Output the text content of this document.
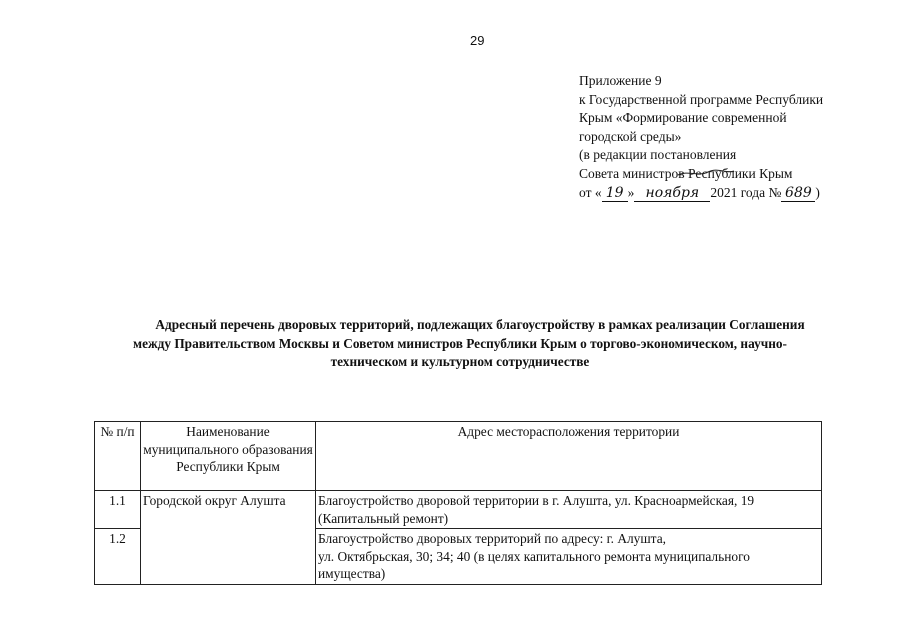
29
Приложение 9
к Государственной программе Республики
Крым «Формирование современной
городской среды»
(в редакции постановления
Совета министров Республики Крым
от « 19 » ноября 2021 года № 689 )
Адресный перечень дворовых территорий, подлежащих благоустройству в рамках реализации Соглашения
между Правительством Москвы и Советом министров Республики Крым о торгово-экономическом, научно-
техническом и культурном сотрудничестве
№ п/п	Наименование муниципального образования Республики Крым	Адрес месторасположения территории
1.1	Городской округ Алушта	Благоустройство дворовой территории в г. Алушта, ул. Красноармейская, 19 (Капитальный ремонт)
1.2		Благоустройство дворовых территорий по адресу: г. Алушта,
ул. Октябрьская, 30; 34; 40 (в целях капитального ремонта муниципального имущества)
